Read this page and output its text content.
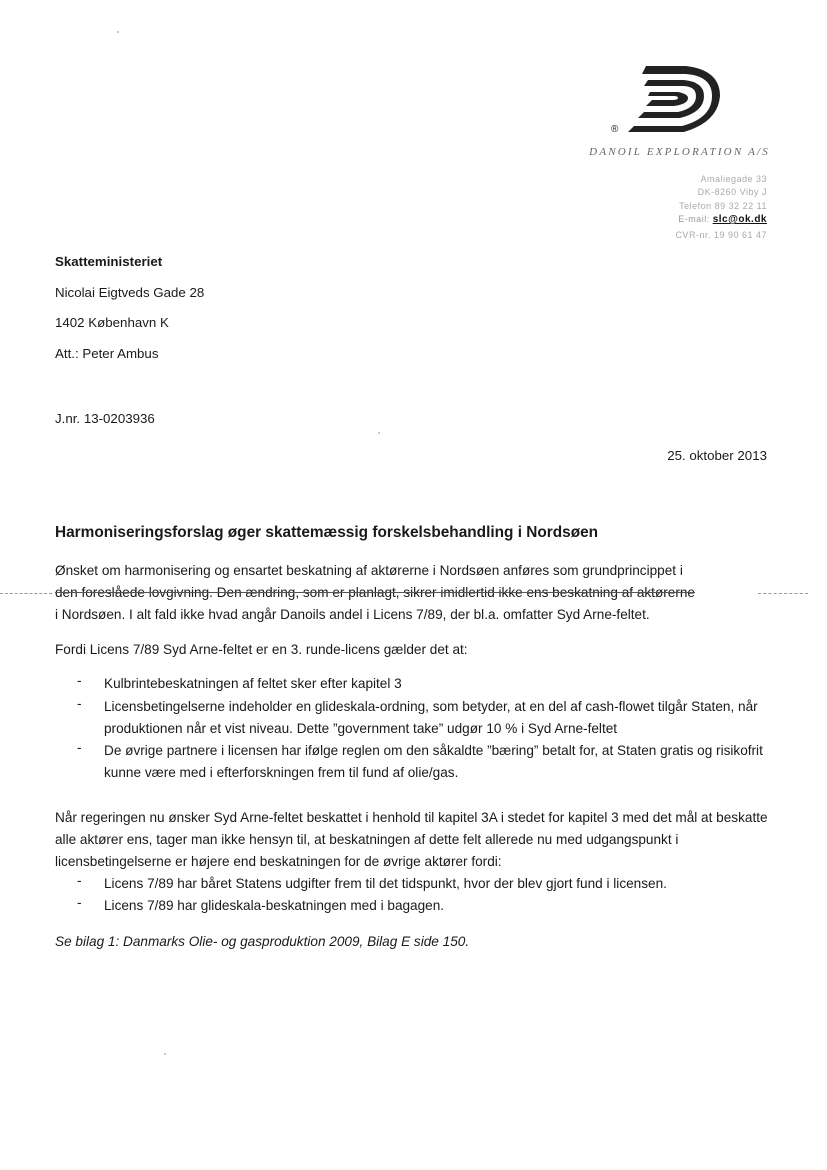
®
DANOIL EXPLORATION A/S
Amaliegade 33
DK-8260 Viby J
Telefon 89 32 22 11
E-mail: slc@ok.dk
CVR-nr. 19 90 61 47
Skatteministeriet
Nicolai Eigtveds Gade 28
1402 København K
Att.: Peter Ambus
J.nr. 13-0203936
25. oktober 2013
Harmoniseringsforslag øger skattemæssig forskelsbehandling i Nordsøen
Ønsket om harmonisering og ensartet beskatning af aktørerne i Nordsøen anføres som grundprincippet i
den foreslåede lovgivning. Den ændring, som er planlagt, sikrer imidlertid ikke ens beskatning af aktørerne
i Nordsøen. I alt fald ikke hvad angår Danoils andel i Licens 7/89, der bl.a. omfatter Syd Arne-feltet.
Fordi Licens 7/89 Syd Arne-feltet er en 3. runde-licens gælder det at:
- Kulbrintebeskatningen af feltet sker efter kapitel 3
- Licensbetingelserne indeholder en glideskala-ordning, som betyder, at en del af cash-flowet tilgår Staten, når produktionen når et vist niveau. Dette ”government take” udgør 10 % i Syd Arne-feltet
- De øvrige partnere i licensen har ifølge reglen om den såkaldte ”bæring” betalt for, at Staten gratis og risikofrit kunne være med i efterforskningen frem til fund af olie/gas.
Når regeringen nu ønsker Syd Arne-feltet beskattet i henhold til kapitel 3A i stedet for kapitel 3 med det mål at beskatte alle aktører ens, tager man ikke hensyn til, at beskatningen af dette felt allerede nu med udgangspunkt i licensbetingelserne er højere end beskatningen for de øvrige aktører fordi:
- Licens 7/89 har båret Statens udgifter frem til det tidspunkt, hvor der blev gjort fund i licensen.
- Licens 7/89 har glideskala-beskatningen med i bagagen.
Se bilag 1: Danmarks Olie- og gasproduktion 2009, Bilag E side 150.
